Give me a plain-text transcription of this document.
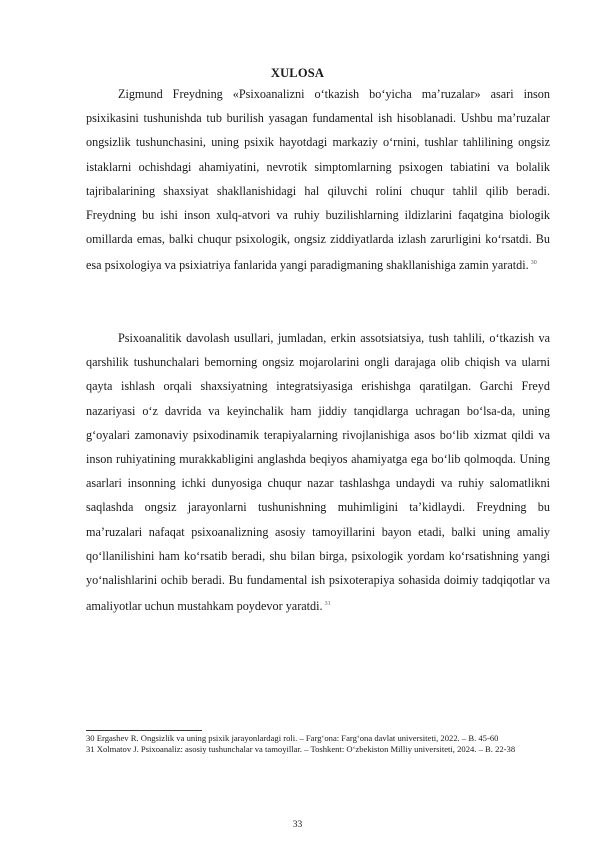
XULOSA

Zigmund Freydning «Psixoanalizni oʻtkazish boʻyicha maʼruzalar» asari inson psixikasini tushunishda tub burilish yasagan fundamental ish hisoblanadi. Ushbu maʼruzalar ongsizlik tushunchasini, uning psixik hayotdagi markaziy oʻrnini, tushlar tahlilining ongsiz istaklarni ochishdagi ahamiyatini, nevrotik simptomlarning psixogen tabiatini va bolalik tajribalarining shaxsiyat shakllanishidagi hal qiluvchi rolini chuqur tahlil qilib beradi. Freydning bu ishi inson xulq-atvori va ruhiy buzilishlarning ildizlarini faqatgina biologik omillarda emas, balki chuqur psixologik, ongsiz ziddiyatlarda izlash zarurligini koʻrsatdi. Bu esa psixologiya va psixiatriya fanlarida yangi paradigmaning shakllanishiga zamin yaratdi. $^{30}$

Psixoanalitik davolash usullari, jumladan, erkin assotsiatsiya, tush tahlili, oʻtkazish va qarshilik tushunchalari bemorning ongsiz mojarolarini ongli darajaga olib chiqish va ularni qayta ishlash orqali shaxsiyatning integratsiyasiga erishishga qaratilgan. Garchi Freyd nazariyasi oʻz davrida va keyinchalik ham jiddiy tanqidlarga uchragan boʻlsa-da, uning gʻoyalari zamonaviy psixodinamik terapiyalarning rivojlanishiga asos boʻlib xizmat qildi va inson ruhiyatining murakkabligini anglashda beqiyos ahamiyatga ega boʻlib qolmoqda. Uning asarlari insonning ichki dunyosiga chuqur nazar tashlashga undaydi va ruhiy salomatlikni saqlashda ongsiz jarayonlarni tushunishning muhimligini taʼkidlaydi. Freydning bu maʼruzalari nafaqat psixoanalizning asosiy tamoyillarini bayon etadi, balki uning amaliy qoʻllanilishini ham koʻrsatib beradi, shu bilan birga, psixologik yordam koʻrsatishning yangi yoʻnalishlarini ochib beradi. Bu fundamental ish psixoterapiya sohasida doimiy tadqiqotlar va amaliyotlar uchun mustahkam poydevor yaratdi. $^{31}$

30 Ergashev R. Ongsizlik va uning psixik jarayonlardagi roli. – Fargʻona: Fargʻona davlat universiteti, 2022. – B. 45-60

31 Xolmatov J. Psixoanaliz: asosiy tushunchalar va tamoyillar. – Toshkent: Oʻzbekiston Milliy universiteti, 2024. – B. 22-38

33
